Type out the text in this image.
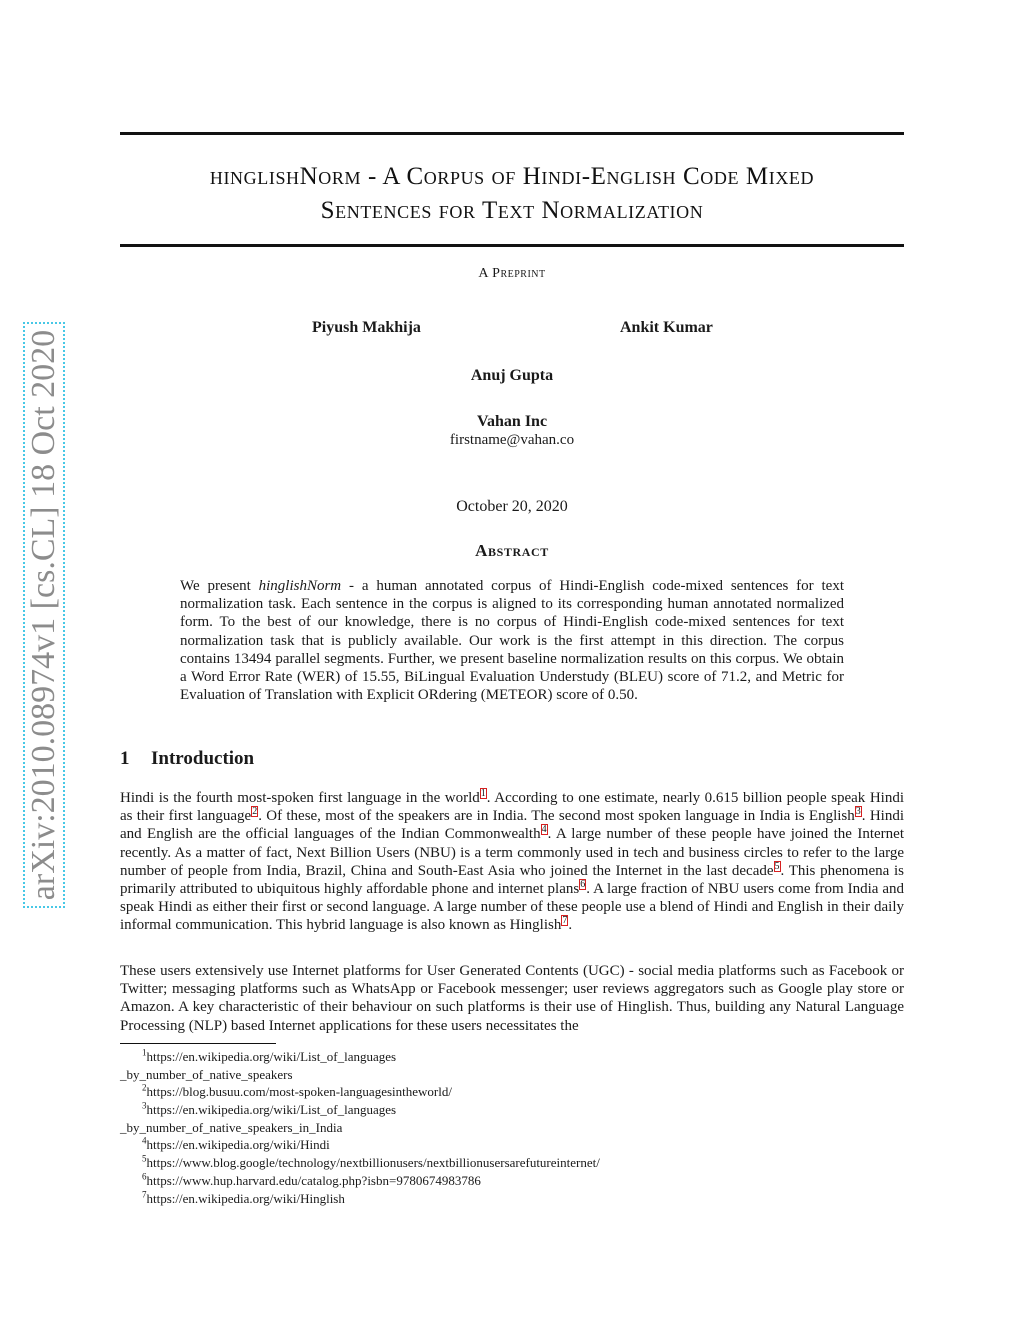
arXiv:2010.08974v1 [cs.CL] 18 Oct 2020
hinglishNorm - A Corpus of Hindi-English Code Mixed
Sentences for Text Normalization
A Preprint
Piyush Makhija	Ankit Kumar
Anuj Gupta
Vahan Inc
firstname@vahan.co
October 20, 2020
Abstract

We present hinglishNorm - a human annotated corpus of Hindi-English code-mixed sentences for text normalization task. Each sentence in the corpus is aligned to its corresponding human annotated normalized form. To the best of our knowledge, there is no corpus of Hindi-English code-mixed sentences for text normalization task that is publicly available. Our work is the first attempt in this direction. The corpus contains 13494 parallel segments. Further, we present baseline normalization results on this corpus. We obtain a Word Error Rate (WER) of 15.55, BiLingual Evaluation Understudy (BLEU) score of 71.2, and Metric for Evaluation of Translation with Explicit ORdering (METEOR) score of 0.50.

1 Introduction

Hindi is the fourth most-spoken first language in the world$^1$. According to one estimate, nearly 0.615 billion people speak Hindi as their first language$^2$. Of these, most of the speakers are in India. The second most spoken language in India is English$^3$. Hindi and English are the official languages of the Indian Commonwealth$^4$. A large number of these people have joined the Internet recently. As a matter of fact, Next Billion Users (NBU) is a term commonly used in tech and business circles to refer to the large number of people from India, Brazil, China and South-East Asia who joined the Internet in the last decade$^5$. This phenomena is primarily attributed to ubiquitous highly affordable phone and internet plans$^6$. A large fraction of NBU users come from India and speak Hindi as either their first or second language. A large number of these people use a blend of Hindi and English in their daily informal communication. This hybrid language is also known as Hinglish$^7$.

These users extensively use Internet platforms for User Generated Contents (UGC) - social media platforms such as Facebook or Twitter; messaging platforms such as WhatsApp or Facebook messenger; user reviews aggregators such as Google play store or Amazon. A key characteristic of their behaviour on such platforms is their use of Hinglish. Thus, building any Natural Language Processing (NLP) based Internet applications for these users necessitates the

$^1$https://en.wikipedia.org/wiki/List_of_languages
_by_number_of_native_speakers

$^2$https://blog.busuu.com/most-spoken-languagesintheworld/

$^3$https://en.wikipedia.org/wiki/List_of_languages
_by_number_of_native_speakers_in_India

$^4$https://en.wikipedia.org/wiki/Hindi

$^5$https://www.blog.google/technology/nextbillionusers/nextbillionusersarefutureinternet/

$^6$https://www.hup.harvard.edu/catalog.php?isbn=9780674983786

$^7$https://en.wikipedia.org/wiki/Hinglish
